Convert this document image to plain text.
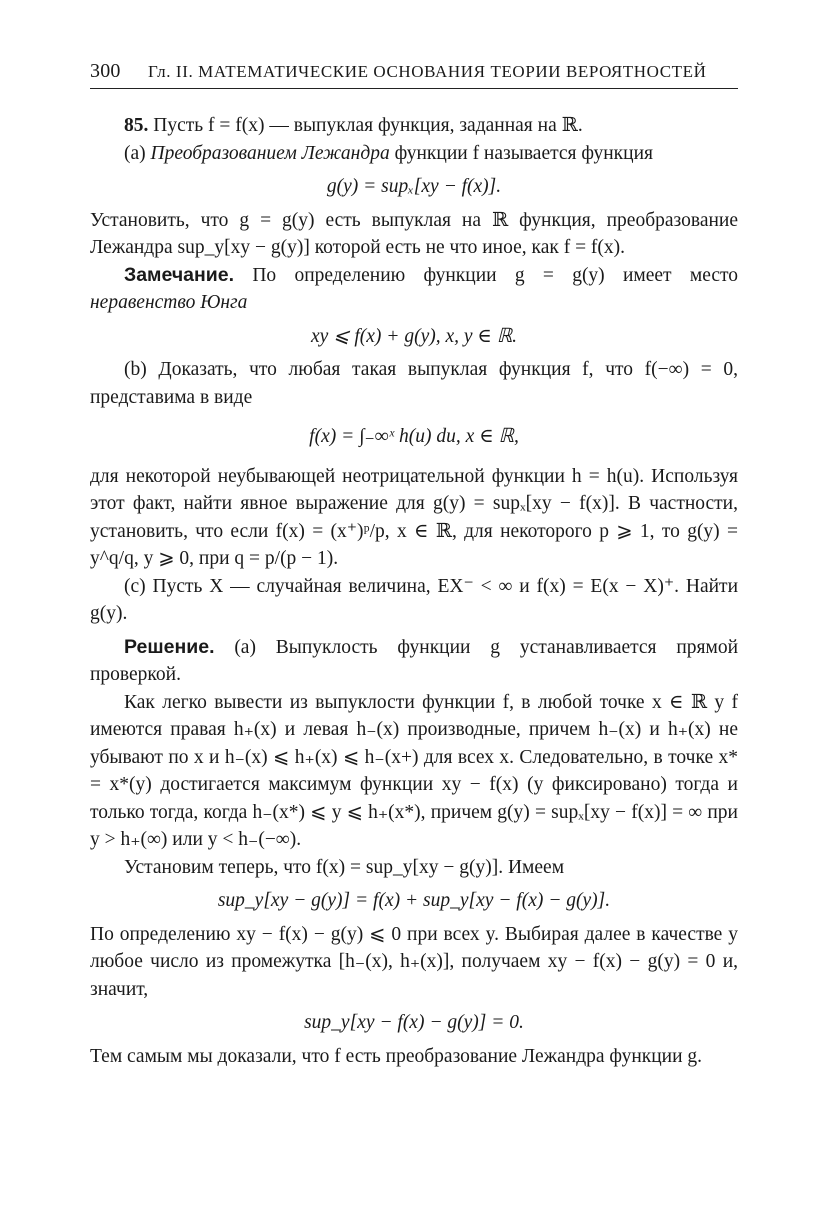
300 Гл. II. МАТЕМАТИЧЕСКИЕ ОСНОВАНИЯ ТЕОРИИ ВЕРОЯТНОСТЕЙ

85. Пусть f = f(x) — выпуклая функция, заданная на ℝ.

(a) Преобразованием Лежандра функции f называется функция

g(y) = supₓ[xy − f(x)].

Установить, что g = g(y) есть выпуклая на ℝ функция, преобразование Лежандра sup_y[xy − g(y)] которой есть не что иное, как f = f(x).

Замечание. По определению функции g = g(y) имеет место неравенство Юнга

xy ⩽ f(x) + g(y), x, y ∈ ℝ.

(b) Доказать, что любая такая выпуклая функция f, что f(−∞) = 0, представима в виде

f(x) = ∫₋∞ˣ h(u) du, x ∈ ℝ,

для некоторой неубывающей неотрицательной функции h = h(u). Используя этот факт, найти явное выражение для g(y) = supₓ[xy − f(x)]. В частности, установить, что если f(x) = (x⁺)ᵖ/p, x ∈ ℝ, для некоторого p ⩾ 1, то g(y) = y^q/q, y ⩾ 0, при q = p/(p − 1).

(c) Пусть X — случайная величина, EX⁻ < ∞ и f(x) = E(x − X)⁺. Найти g(y).

Решение. (a) Выпуклость функции g устанавливается прямой проверкой.

Как легко вывести из выпуклости функции f, в любой точке x ∈ ℝ у f имеются правая h₊(x) и левая h₋(x) производные, причем h₋(x) и h₊(x) не убывают по x и h₋(x) ⩽ h₊(x) ⩽ h₋(x+) для всех x. Следовательно, в точке x* = x*(y) достигается максимум функции xy − f(x) (y фиксировано) тогда и только тогда, когда h₋(x*) ⩽ y ⩽ h₊(x*), причем g(y) = supₓ[xy − f(x)] = ∞ при y > h₊(∞) или y < h₋(−∞).

Установим теперь, что f(x) = sup_y[xy − g(y)]. Имеем

sup_y[xy − g(y)] = f(x) + sup_y[xy − f(x) − g(y)].

По определению xy − f(x) − g(y) ⩽ 0 при всех y. Выбирая далее в качестве y любое число из промежутка [h₋(x), h₊(x)], получаем xy − f(x) − g(y) = 0 и, значит,

sup_y[xy − f(x) − g(y)] = 0.

Тем самым мы доказали, что f есть преобразование Лежандра функции g.
